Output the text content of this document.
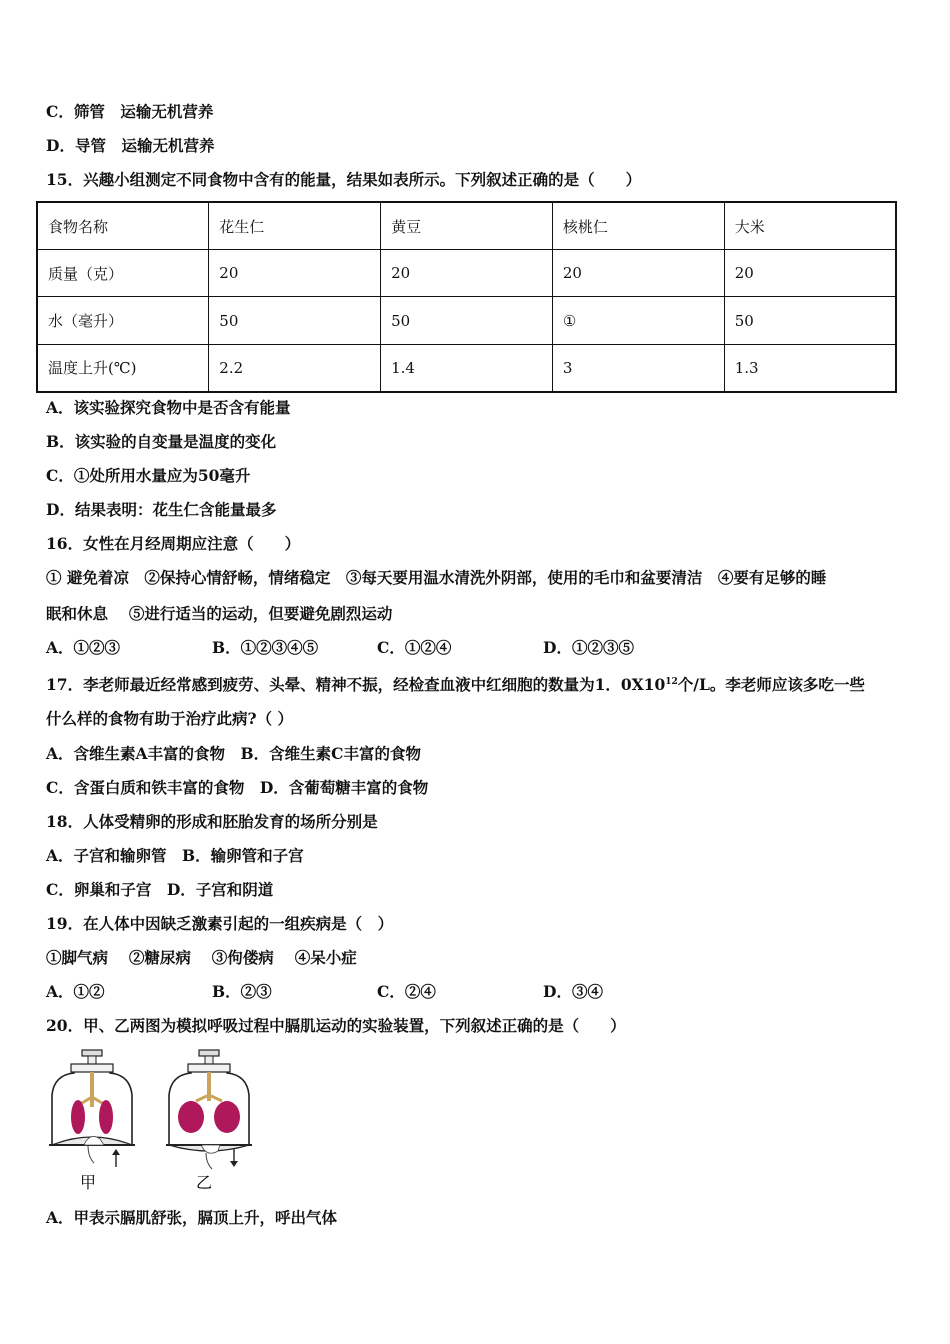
C．筛管　运输无机营养
D．导管　运输无机营养
15．兴趣小组测定不同食物中含有的能量，结果如表所示。下列叙述正确的是（　　）
食物名称	花生仁	黄豆	核桃仁	大米
质量（克）	20	20	20	20
水（毫升）	50	50	①	50
温度上升(℃)	2.2	1.4	3	1.3
A．该实验探究食物中是否含有能量
B．该实验的自变量是温度的变化
C．①处所用水量应为50毫升
D．结果表明：花生仁含能量最多
16．女性在月经周期应注意（　　）
① 避免着凉　②保持心情舒畅，情绪稳定　③每天要用温水清洗外阴部，使用的毛巾和盆要清洁　④要有足够的睡
眠和休息　 ⑤进行适当的运动，但要避免剧烈运动
A．①②③	B．①②③④⑤	C．①②④	D．①②③⑤
17．李老师最近经常感到疲劳、头晕、精神不振，经检查血液中红细胞的数量为1．$0X10^{12}$个/L。李老师应该多吃一些
什么样的食物有助于治疗此病?（ ）
A．含维生素A丰富的食物　B．含维生素C丰富的食物
C．含蛋白质和铁丰富的食物　D．含葡萄糖丰富的食物
18．人体受精卵的形成和胚胎发育的场所分别是
A．子宫和输卵管　B．输卵管和子宫
C．卵巢和子宫　D．子宫和阴道
19．在人体中因缺乏激素引起的一组疾病是（　）
①脚气病　 ②糖尿病　 ③佝偻病　 ④呆小症
A．①②	B．②③	C．②④	D．③④
20．甲、乙两图为模拟呼吸过程中膈肌运动的实验装置，下列叙述正确的是（　　）
甲	乙
A．甲表示膈肌舒张，膈顶上升，呼出气体
